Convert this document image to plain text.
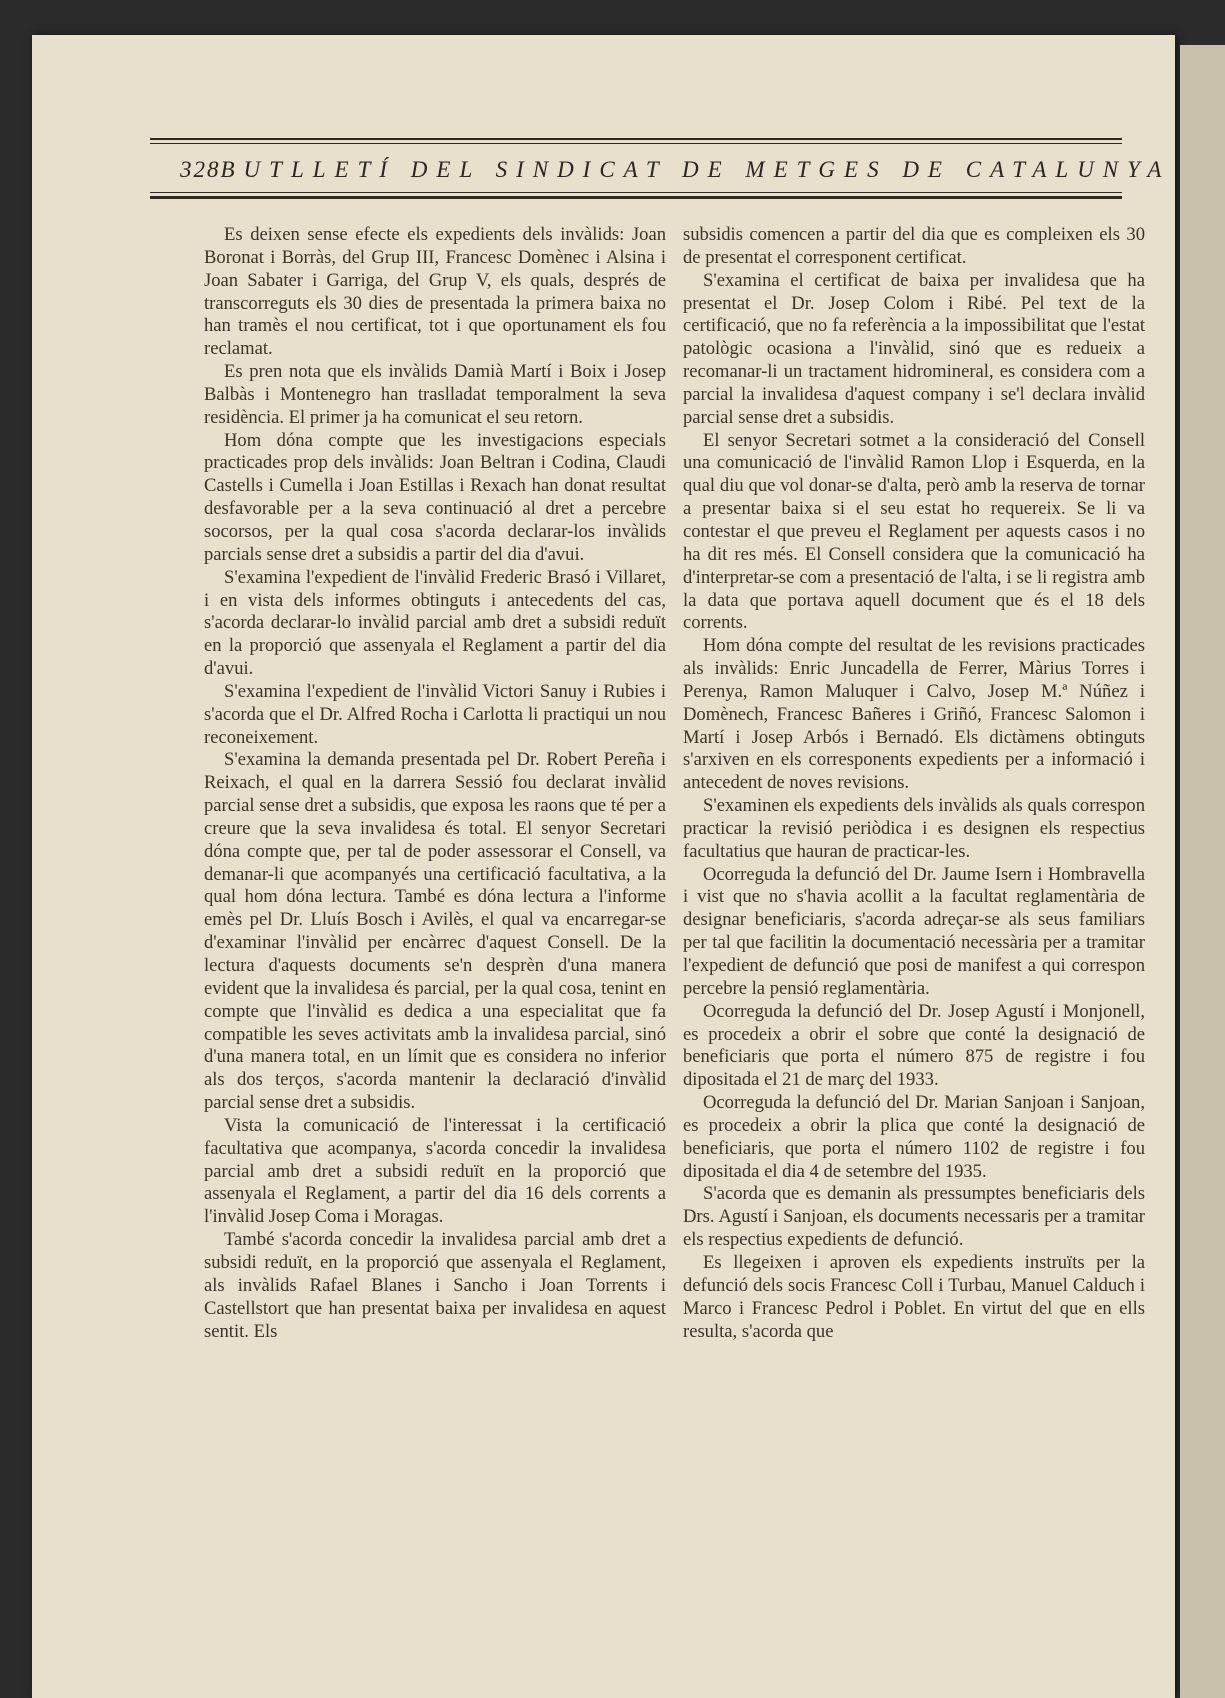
328 BUTLLETÍ DEL SINDICAT DE METGES DE CATALUNYA

Es deixen sense efecte els expedients dels invàlids: Joan Boronat i Borràs, del Grup III, Francesc Domènec i Alsina i Joan Sabater i Garriga, del Grup V, els quals, després de transcorreguts els 30 dies de presentada la primera baixa no han tramès el nou certificat, tot i que oportunament els fou reclamat.

Es pren nota que els invàlids Damià Martí i Boix i Josep Balbàs i Montenegro han traslladat temporalment la seva residència. El primer ja ha comunicat el seu retorn.

Hom dóna compte que les investigacions especials practicades prop dels invàlids: Joan Beltran i Codina, Claudi Castells i Cumella i Joan Estillas i Rexach han donat resultat desfavorable per a la seva continuació al dret a percebre socorsos, per la qual cosa s'acorda declarar-los invàlids parcials sense dret a subsidis a partir del dia d'avui.

S'examina l'expedient de l'invàlid Frederic Brasó i Villaret, i en vista dels informes obtinguts i antecedents del cas, s'acorda declarar-lo invàlid parcial amb dret a subsidi reduït en la proporció que assenyala el Reglament a partir del dia d'avui.

S'examina l'expedient de l'invàlid Victori Sanuy i Rubies i s'acorda que el Dr. Alfred Rocha i Carlotta li practiqui un nou reconeixement.

S'examina la demanda presentada pel Dr. Robert Pereña i Reixach, el qual en la darrera Sessió fou declarat invàlid parcial sense dret a subsidis, que exposa les raons que té per a creure que la seva invalidesa és total. El senyor Secretari dóna compte que, per tal de poder assessorar el Consell, va demanar-li que acompanyés una certificació facultativa, a la qual hom dóna lectura. També es dóna lectura a l'informe emès pel Dr. Lluís Bosch i Avilès, el qual va encarregar-se d'examinar l'invàlid per encàrrec d'aquest Consell. De la lectura d'aquests documents se'n desprèn d'una manera evident que la invalidesa és parcial, per la qual cosa, tenint en compte que l'invàlid es dedica a una especialitat que fa compatible les seves activitats amb la invalidesa parcial, sinó d'una manera total, en un límit que es considera no inferior als dos terços, s'acorda mantenir la declaració d'invàlid parcial sense dret a subsidis.

Vista la comunicació de l'interessat i la certificació facultativa que acompanya, s'acorda concedir la invalidesa parcial amb dret a subsidi reduït en la proporció que assenyala el Reglament, a partir del dia 16 dels corrents a l'invàlid Josep Coma i Moragas.

També s'acorda concedir la invalidesa parcial amb dret a subsidi reduït, en la proporció que assenyala el Reglament, als invàlids Rafael Blanes i Sancho i Joan Torrents i Castellstort que han presentat baixa per invalidesa en aquest sentit. Els

subsidis comencen a partir del dia que es compleixen els 30 de presentat el corresponent certificat.

S'examina el certificat de baixa per invalidesa que ha presentat el Dr. Josep Colom i Ribé. Pel text de la certificació, que no fa referència a la impossibilitat que l'estat patològic ocasiona a l'invàlid, sinó que es redueix a recomanar-li un tractament hidromineral, es considera com a parcial la invalidesa d'aquest company i se'l declara invàlid parcial sense dret a subsidis.

El senyor Secretari sotmet a la consideració del Consell una comunicació de l'invàlid Ramon Llop i Esquerda, en la qual diu que vol donar-se d'alta, però amb la reserva de tornar a presentar baixa si el seu estat ho requereix. Se li va contestar el que preveu el Reglament per aquests casos i no ha dit res més. El Consell considera que la comunicació ha d'interpretar-se com a presentació de l'alta, i se li registra amb la data que portava aquell document que és el 18 dels corrents.

Hom dóna compte del resultat de les revisions practicades als invàlids: Enric Juncadella de Ferrer, Màrius Torres i Perenya, Ramon Maluquer i Calvo, Josep M.ª Núñez i Domènech, Francesc Bañeres i Griñó, Francesc Salomon i Martí i Josep Arbós i Bernadó. Els dictàmens obtinguts s'arxiven en els corresponents expedients per a informació i antecedent de noves revisions.

S'examinen els expedients dels invàlids als quals correspon practicar la revisió periòdica i es designen els respectius facultatius que hauran de practicar-les.

Ocorreguda la defunció del Dr. Jaume Isern i Hombravella i vist que no s'havia acollit a la facultat reglamentària de designar beneficiaris, s'acorda adreçar-se als seus familiars per tal que facilitin la documentació necessària per a tramitar l'expedient de defunció que posi de manifest a qui correspon percebre la pensió reglamentària.

Ocorreguda la defunció del Dr. Josep Agustí i Monjonell, es procedeix a obrir el sobre que conté la designació de beneficiaris que porta el número 875 de registre i fou dipositada el 21 de març del 1933.

Ocorreguda la defunció del Dr. Marian Sanjoan i Sanjoan, es procedeix a obrir la plica que conté la designació de beneficiaris, que porta el número 1102 de registre i fou dipositada el dia 4 de setembre del 1935.

S'acorda que es demanin als pressumptes beneficiaris dels Drs. Agustí i Sanjoan, els documents necessaris per a tramitar els respectius expedients de defunció.

Es llegeixen i aproven els expedients instruïts per la defunció dels socis Francesc Coll i Turbau, Manuel Calduch i Marco i Francesc Pedrol i Poblet. En virtut del que en ells resulta, s'acorda que
